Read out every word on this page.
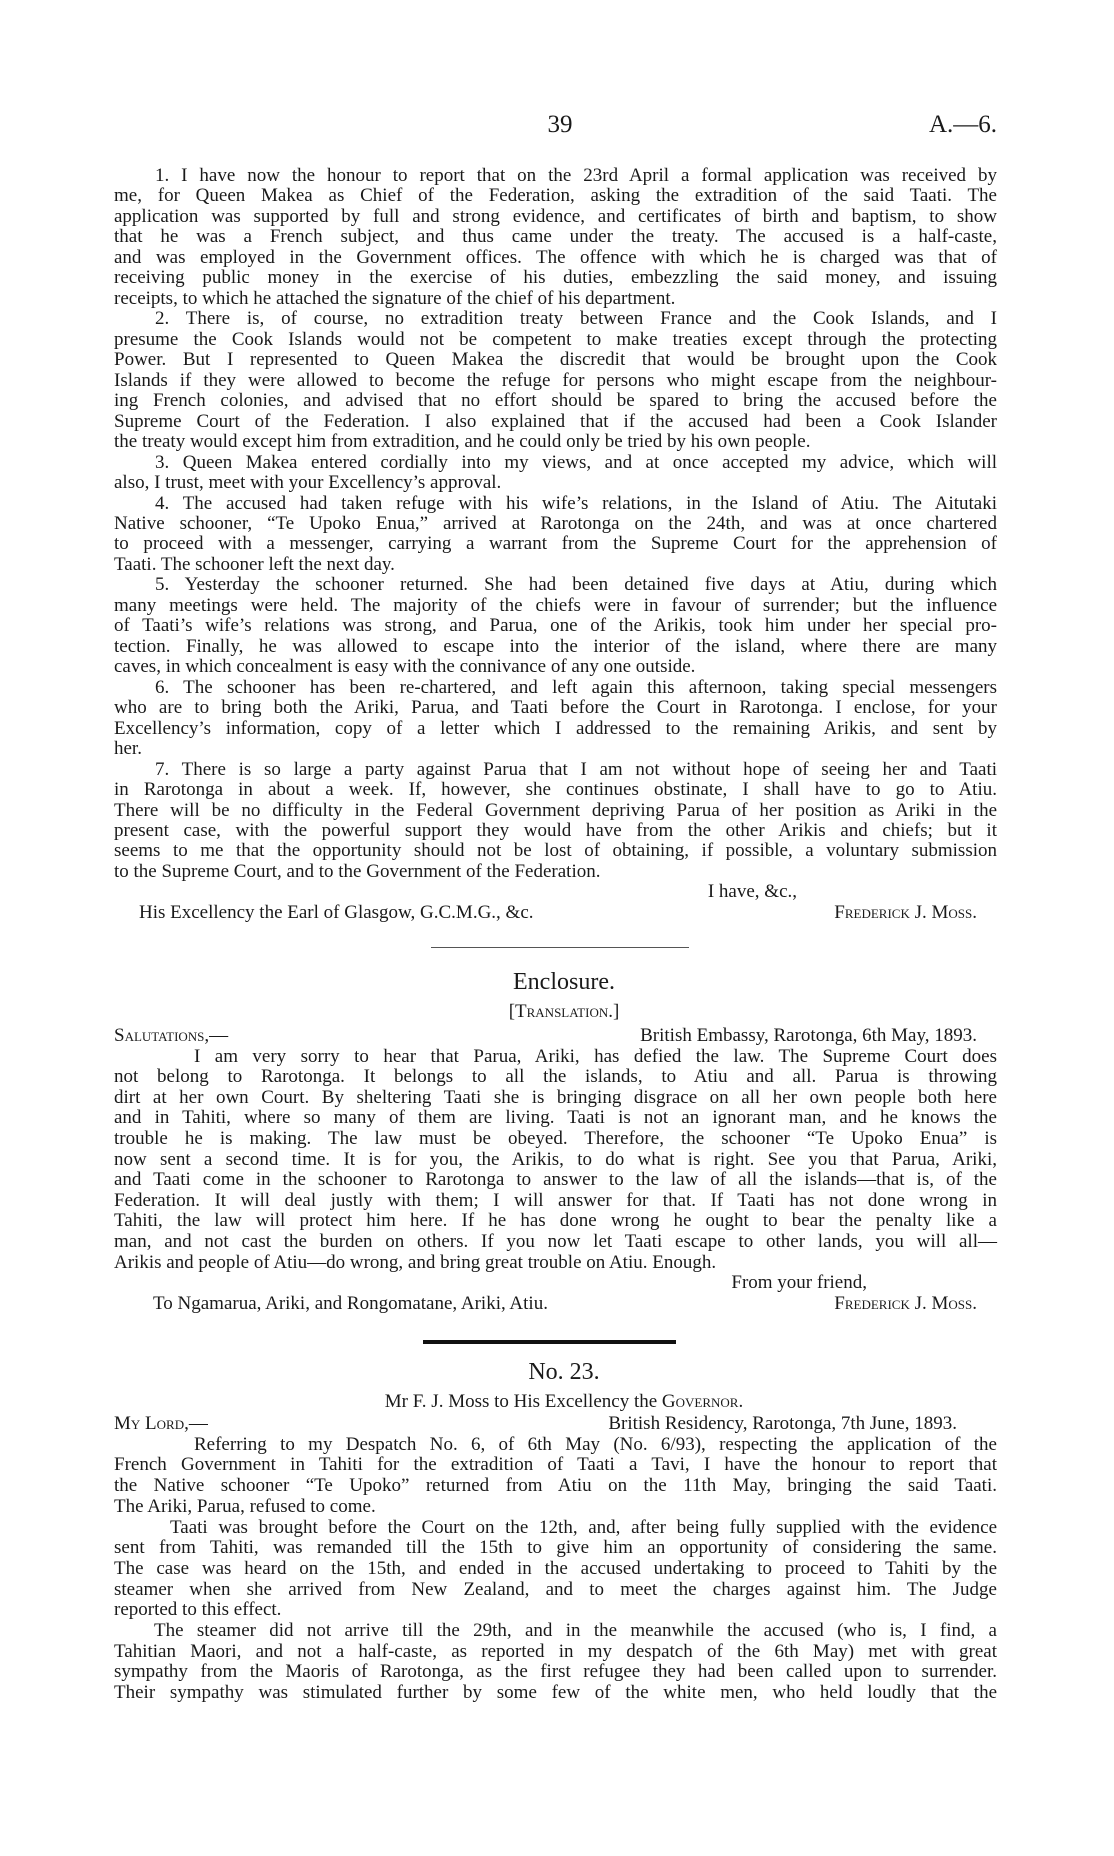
39	A.—6.
1. I have now the honour to report that on the 23rd April a formal application was received by
me, for Queen Makea as Chief of the Federation, asking the extradition of the said Taati. The
application was supported by full and strong evidence, and certificates of birth and baptism, to show
that he was a French subject, and thus came under the treaty. The accused is a half-caste,
and was employed in the Government offices. The offence with which he is charged was that of
receiving public money in the exercise of his duties, embezzling the said money, and issuing
receipts, to which he attached the signature of the chief of his department.
2. There is, of course, no extradition treaty between France and the Cook Islands, and I
presume the Cook Islands would not be competent to make treaties except through the protecting
Power. But I represented to Queen Makea the discredit that would be brought upon the Cook
Islands if they were allowed to become the refuge for persons who might escape from the neighbour-
ing French colonies, and advised that no effort should be spared to bring the accused before the
Supreme Court of the Federation. I also explained that if the accused had been a Cook Islander
the treaty would except him from extradition, and he could only be tried by his own people.
3. Queen Makea entered cordially into my views, and at once accepted my advice, which will
also, I trust, meet with your Excellency’s approval.
4. The accused had taken refuge with his wife’s relations, in the Island of Atiu. The Aitutaki
Native schooner, “Te Upoko Enua,” arrived at Rarotonga on the 24th, and was at once chartered
to proceed with a messenger, carrying a warrant from the Supreme Court for the apprehension of
Taati. The schooner left the next day.
5. Yesterday the schooner returned. She had been detained five days at Atiu, during which
many meetings were held. The majority of the chiefs were in favour of surrender; but the influence
of Taati’s wife’s relations was strong, and Parua, one of the Arikis, took him under her special pro-
tection. Finally, he was allowed to escape into the interior of the island, where there are many
caves, in which concealment is easy with the connivance of any one outside.
6. The schooner has been re-chartered, and left again this afternoon, taking special messengers
who are to bring both the Ariki, Parua, and Taati before the Court in Rarotonga. I enclose, for your
Excellency’s information, copy of a letter which I addressed to the remaining Arikis, and sent by
her.
7. There is so large a party against Parua that I am not without hope of seeing her and Taati
in Rarotonga in about a week. If, however, she continues obstinate, I shall have to go to Atiu.
There will be no difficulty in the Federal Government depriving Parua of her position as Ariki in the
present case, with the powerful support they would have from the other Arikis and chiefs; but it
seems to me that the opportunity should not be lost of obtaining, if possible, a voluntary submission
to the Supreme Court, and to the Government of the Federation.
I have, &c.,
His Excellency the Earl of Glasgow, G.C.M.G., &c.	Frederick J. Moss.
Enclosure.
[Translation.]
Salutations,—	British Embassy, Rarotonga, 6th May, 1893.
I am very sorry to hear that Parua, Ariki, has defied the law. The Supreme Court does
not belong to Rarotonga. It belongs to all the islands, to Atiu and all. Parua is throwing
dirt at her own Court. By sheltering Taati she is bringing disgrace on all her own people both here
and in Tahiti, where so many of them are living. Taati is not an ignorant man, and he knows the
trouble he is making. The law must be obeyed. Therefore, the schooner “Te Upoko Enua” is
now sent a second time. It is for you, the Arikis, to do what is right. See you that Parua, Ariki,
and Taati come in the schooner to Rarotonga to answer to the law of all the islands—that is, of the
Federation. It will deal justly with them; I will answer for that. If Taati has not done wrong in
Tahiti, the law will protect him here. If he has done wrong he ought to bear the penalty like a
man, and not cast the burden on others. If you now let Taati escape to other lands, you will all—
Arikis and people of Atiu—do wrong, and bring great trouble on Atiu. Enough.
From your friend,
To Ngamarua, Ariki, and Rongomatane, Ariki, Atiu.	Frederick J. Moss.
No. 23.
Mr F. J. Moss to His Excellency the Governor.
My Lord,—	British Residency, Rarotonga, 7th June, 1893.
Referring to my Despatch No. 6, of 6th May (No. 6/93), respecting the application of the
French Government in Tahiti for the extradition of Taati a Tavi, I have the honour to report that
the Native schooner “Te Upoko” returned from Atiu on the 11th May, bringing the said Taati.
The Ariki, Parua, refused to come.
Taati was brought before the Court on the 12th, and, after being fully supplied with the evidence
sent from Tahiti, was remanded till the 15th to give him an opportunity of considering the same.
The case was heard on the 15th, and ended in the accused undertaking to proceed to Tahiti by the
steamer when she arrived from New Zealand, and to meet the charges against him. The Judge
reported to this effect.
The steamer did not arrive till the 29th, and in the meanwhile the accused (who is, I find, a
Tahitian Maori, and not a half-caste, as reported in my despatch of the 6th May) met with great
sympathy from the Maoris of Rarotonga, as the first refugee they had been called upon to surrender.
Their sympathy was stimulated further by some few of the white men, who held loudly that the
